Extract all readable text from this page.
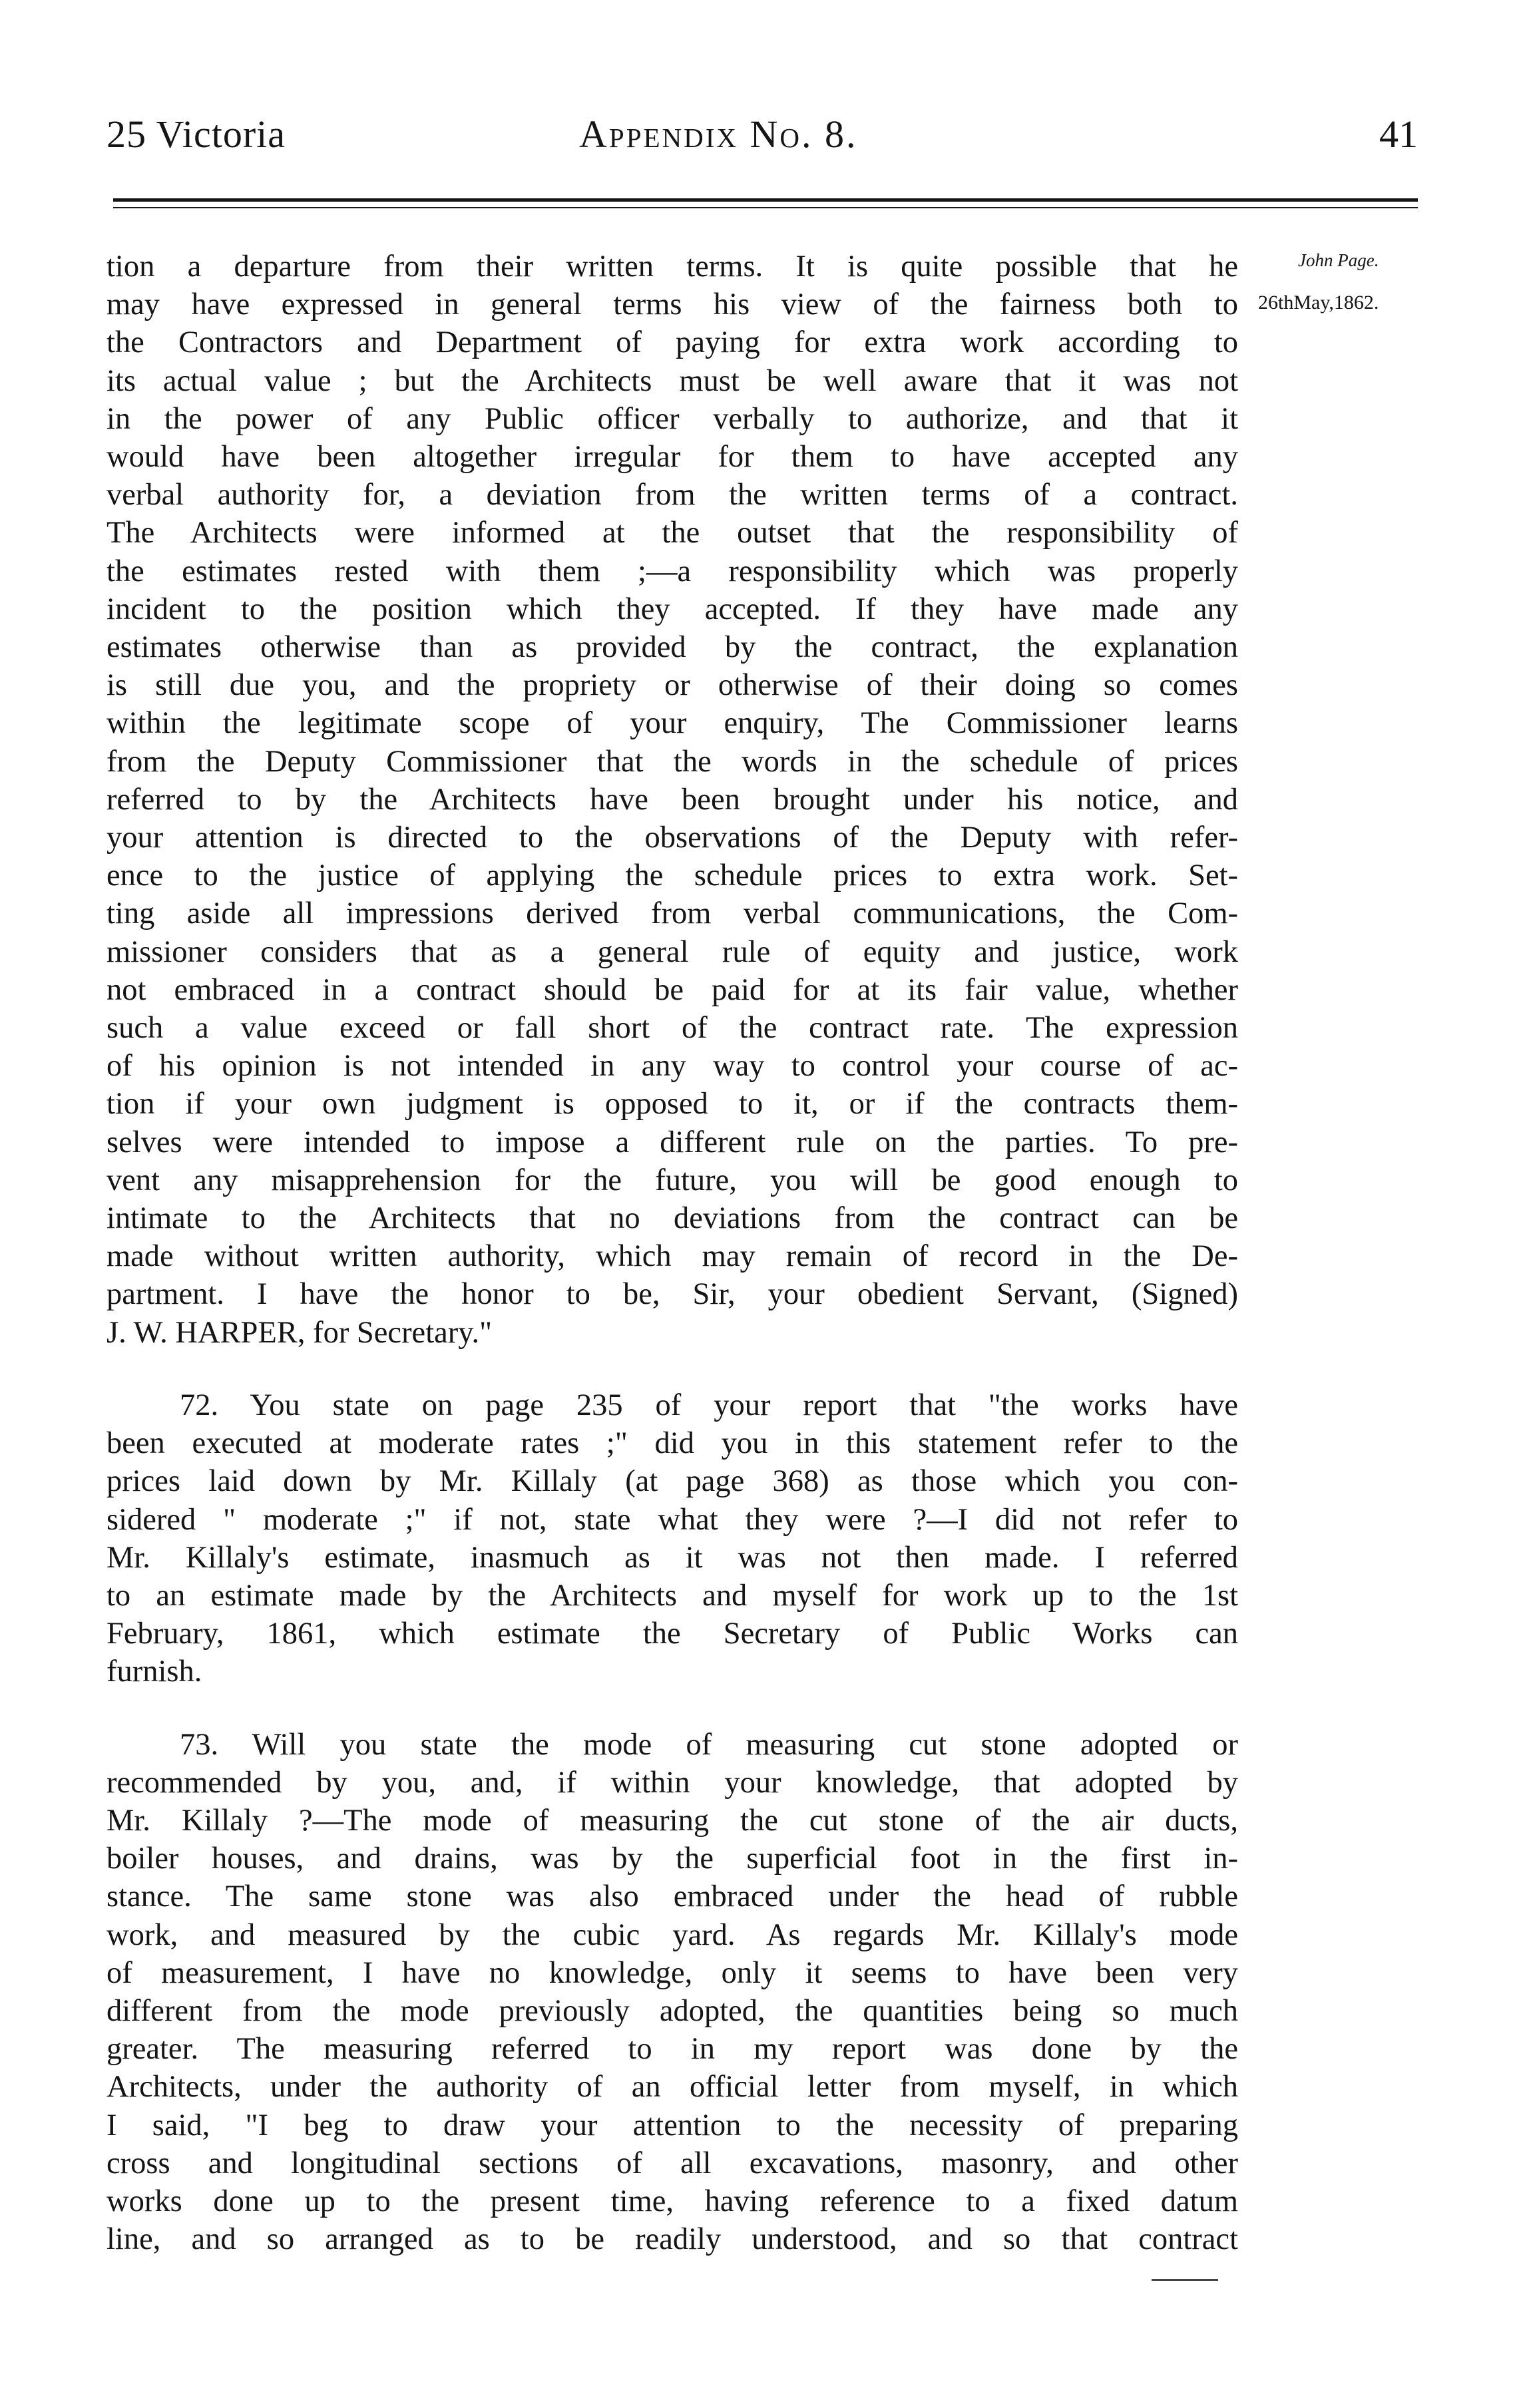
25 Victoria	Appendix No. 8.	41
John Page.
26thMay,1862.
tion a departure from their written terms. It is quite possible that he
may have expressed in general terms his view of the fairness both to
the Contractors and Department of paying for extra work according to
its actual value ; but the Architects must be well aware that it was not
in the power of any Public officer verbally to authorize, and that it
would have been altogether irregular for them to have accepted any
verbal authority for, a deviation from the written terms of a contract.
The Architects were informed at the outset that the responsibility of
the estimates rested with them ;—a responsibility which was properly
incident to the position which they accepted. If they have made any
estimates otherwise than as provided by the contract, the explanation
is still due you, and the propriety or otherwise of their doing so comes
within the legitimate scope of your enquiry, The Commissioner learns
from the Deputy Commissioner that the words in the schedule of prices
referred to by the Architects have been brought under his notice, and
your attention is directed to the observations of the Deputy with refer-
ence to the justice of applying the schedule prices to extra work. Set-
ting aside all impressions derived from verbal communications, the Com-
missioner considers that as a general rule of equity and justice, work
not embraced in a contract should be paid for at its fair value, whether
such a value exceed or fall short of the contract rate. The expression
of his opinion is not intended in any way to control your course of ac-
tion if your own judgment is opposed to it, or if the contracts them-
selves were intended to impose a different rule on the parties. To pre-
vent any misapprehension for the future, you will be good enough to
intimate to the Architects that no deviations from the contract can be
made without written authority, which may remain of record in the De-
partment. I have the honor to be, Sir, your obedient Servant, (Signed)
J. W. HARPER, for Secretary."
72. You state on page 235 of your report that "the works have
been executed at moderate rates ;" did you in this statement refer to the
prices laid down by Mr. Killaly (at page 368) as those which you con-
sidered " moderate ;" if not, state what they were ?—I did not refer to
Mr. Killaly's estimate, inasmuch as it was not then made. I referred
to an estimate made by the Architects and myself for work up to the 1st
February, 1861, which estimate the Secretary of Public Works can
furnish.
73. Will you state the mode of measuring cut stone adopted or
recommended by you, and, if within your knowledge, that adopted by
Mr. Killaly ?—The mode of measuring the cut stone of the air ducts,
boiler houses, and drains, was by the superficial foot in the first in-
stance. The same stone was also embraced under the head of rubble
work, and measured by the cubic yard. As regards Mr. Killaly's mode
of measurement, I have no knowledge, only it seems to have been very
different from the mode previously adopted, the quantities being so much
greater. The measuring referred to in my report was done by the
Architects, under the authority of an official letter from myself, in which
I said, "I beg to draw your attention to the necessity of preparing
cross and longitudinal sections of all excavations, masonry, and other
works done up to the present time, having reference to a fixed datum
line, and so arranged as to be readily understood, and so that contract
